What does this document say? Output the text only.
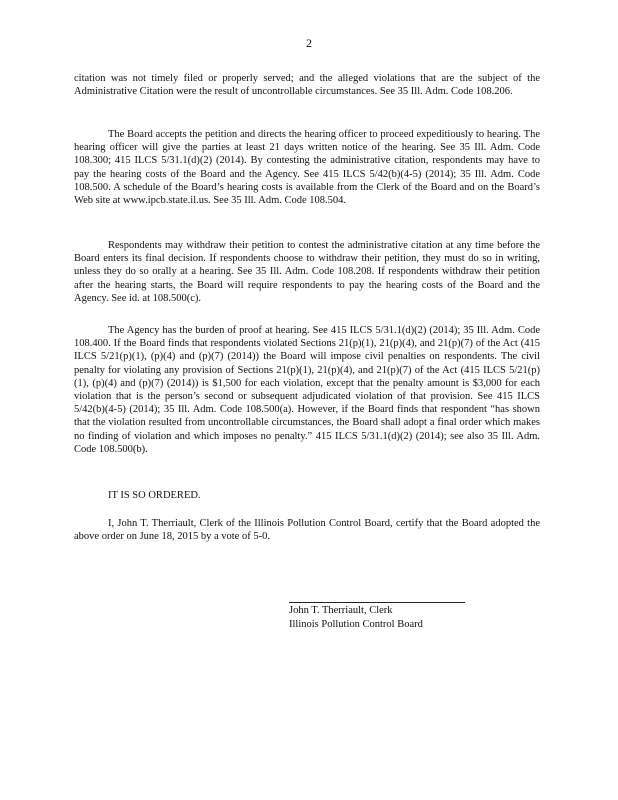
2

citation was not timely filed or properly served; and the alleged violations that are the subject of the Administrative Citation were the result of uncontrollable circumstances. See 35 Ill. Adm. Code 108.206.

The Board accepts the petition and directs the hearing officer to proceed expeditiously to hearing. The hearing officer will give the parties at least 21 days written notice of the hearing. See 35 Ill. Adm. Code 108.300; 415 ILCS 5/31.1(d)(2) (2014). By contesting the administrative citation, respondents may have to pay the hearing costs of the Board and the Agency. See 415 ILCS 5/42(b)(4-5) (2014); 35 Ill. Adm. Code 108.500. A schedule of the Board’s hearing costs is available from the Clerk of the Board and on the Board’s Web site at www.ipcb.state.il.us. See 35 Ill. Adm. Code 108.504.

Respondents may withdraw their petition to contest the administrative citation at any time before the Board enters its final decision. If respondents choose to withdraw their petition, they must do so in writing, unless they do so orally at a hearing. See 35 Ill. Adm. Code 108.208. If respondents withdraw their petition after the hearing starts, the Board will require respondents to pay the hearing costs of the Board and the Agency. See id. at 108.500(c).

The Agency has the burden of proof at hearing. See 415 ILCS 5/31.1(d)(2) (2014); 35 Ill. Adm. Code 108.400. If the Board finds that respondents violated Sections 21(p)(1), 21(p)(4), and 21(p)(7) of the Act (415 ILCS 5/21(p)(1), (p)(4) and (p)(7) (2014)) the Board will impose civil penalties on respondents. The civil penalty for violating any provision of Sections 21(p)(1), 21(p)(4), and 21(p)(7) of the Act (415 ILCS 5/21(p)(1), (p)(4) and (p)(7) (2014)) is $1,500 for each violation, except that the penalty amount is $3,000 for each violation that is the person’s second or subsequent adjudicated violation of that provision. See 415 ILCS 5/42(b)(4-5) (2014); 35 Ill. Adm. Code 108.500(a). However, if the Board finds that respondent “has shown that the violation resulted from uncontrollable circumstances, the Board shall adopt a final order which makes no finding of violation and which imposes no penalty.” 415 ILCS 5/31.1(d)(2) (2014); see also 35 Ill. Adm. Code 108.500(b).

IT IS SO ORDERED.

I, John T. Therriault, Clerk of the Illinois Pollution Control Board, certify that the Board adopted the above order on June 18, 2015 by a vote of 5-0.

John T. Therriault, Clerk
Illinois Pollution Control Board
